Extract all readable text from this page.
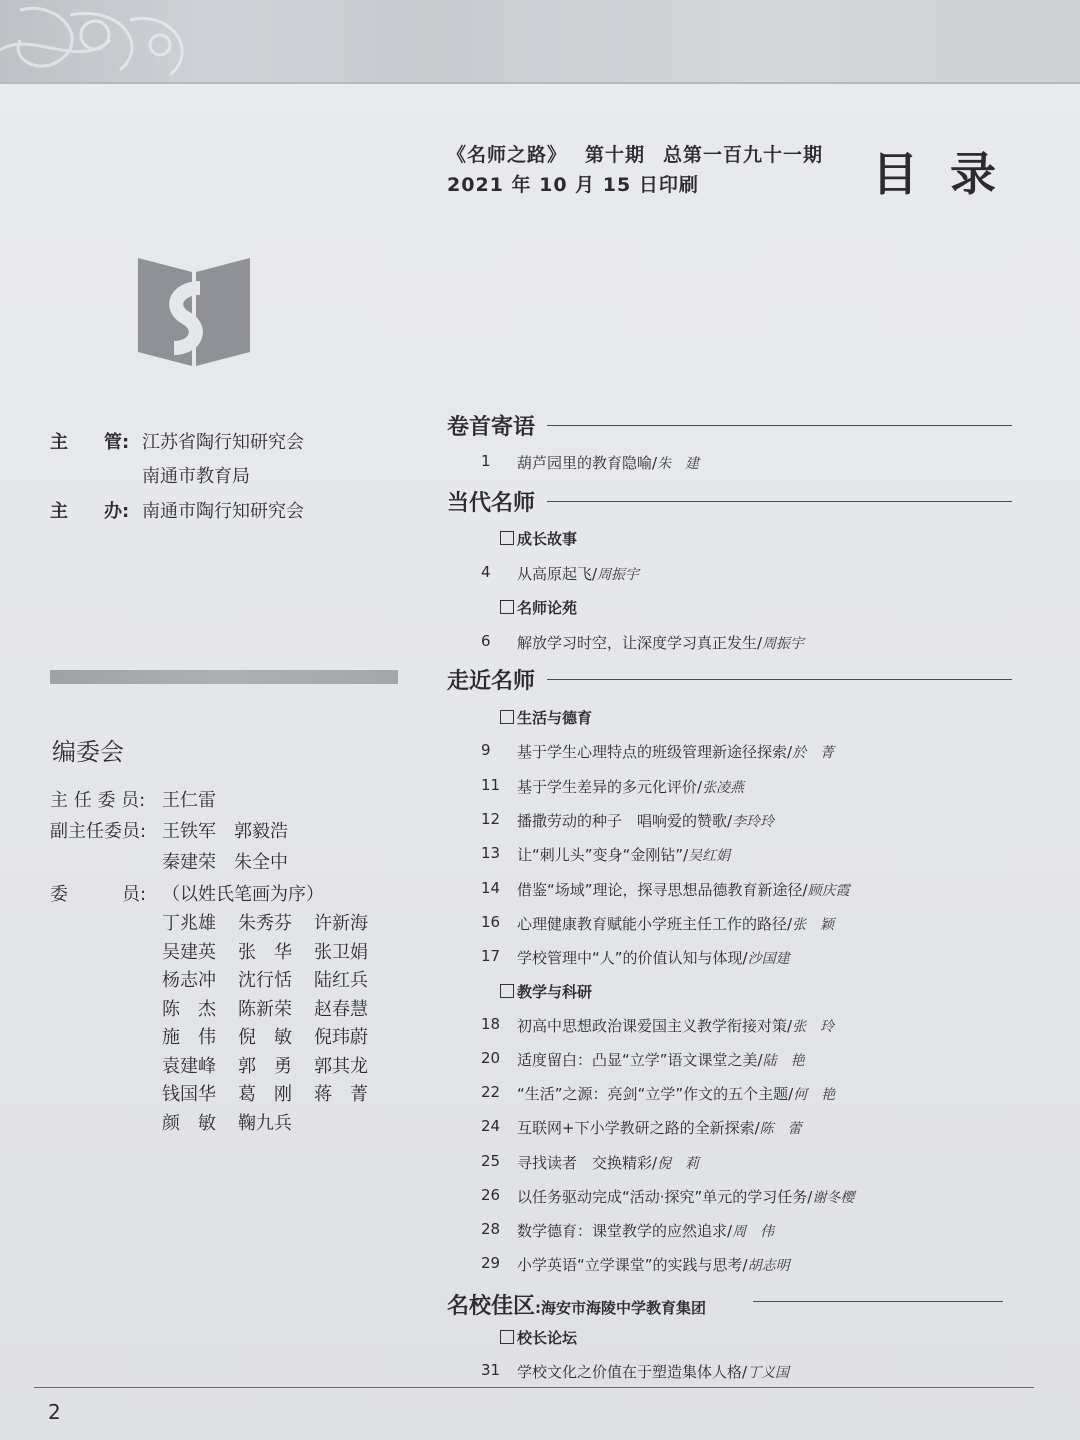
《名师之路》 第十期 总第一百九十一期
2021 年 10 月 15 日印刷	目录
主　　管: 江苏省陶行知研究会
南通市教育局
主　　办: 南通市陶行知研究会
编委会
主 任 委 员: 王仁雷
副主任委员: 王铁军　郭毅浩
秦建荣　朱全中
委　　　员: （以姓氏笔画为序）
丁兆雄	朱秀芬	许新海
吴建英	张　华	张卫娟
杨志冲	沈行恬	陆红兵
陈　杰	陈新荣	赵春慧
施　伟	倪　敏	倪玮蔚
袁建峰	郭　勇	郭其龙
钱国华	葛　刚	蒋　菁
颜　敏	鞠九兵
卷首寄语
1	葫芦园里的教育隐喻/朱　建
当代名师
成长故事
4	从高原起飞/周振宇
名师论苑
6	解放学习时空，让深度学习真正发生/周振宇
走近名师
生活与德育
9	基于学生心理特点的班级管理新途径探索/於　菁
11	基于学生差异的多元化评价/张凌燕
12	播撒劳动的种子　唱响爱的赞歌/李玲玲
13	让“刺儿头”变身“金刚钻”/吴红娟
14	借鉴“场域”理论，探寻思想品德教育新途径/顾庆霞
16	心理健康教育赋能小学班主任工作的路径/张　颖
17	学校管理中“人”的价值认知与体现/沙国建
教学与科研
18	初高中思想政治课爱国主义教学衔接对策/张　玲
20	适度留白：凸显“立学”语文课堂之美/陆　艳
22	“生活”之源：亮剑“立学”作文的五个主题/何　艳
24	互联网+下小学教研之路的全新探索/陈　蕾
25	寻找读者　交换精彩/倪　莉
26	以任务驱动完成“活动·探究”单元的学习任务/谢冬樱
28	数学德育：课堂教学的应然追求/周　伟
29	小学英语“立学课堂”的实践与思考/胡志明
名校佳区:海安市海陵中学教育集团
校长论坛
31	学校文化之价值在于塑造集体人格/丁义国
2
